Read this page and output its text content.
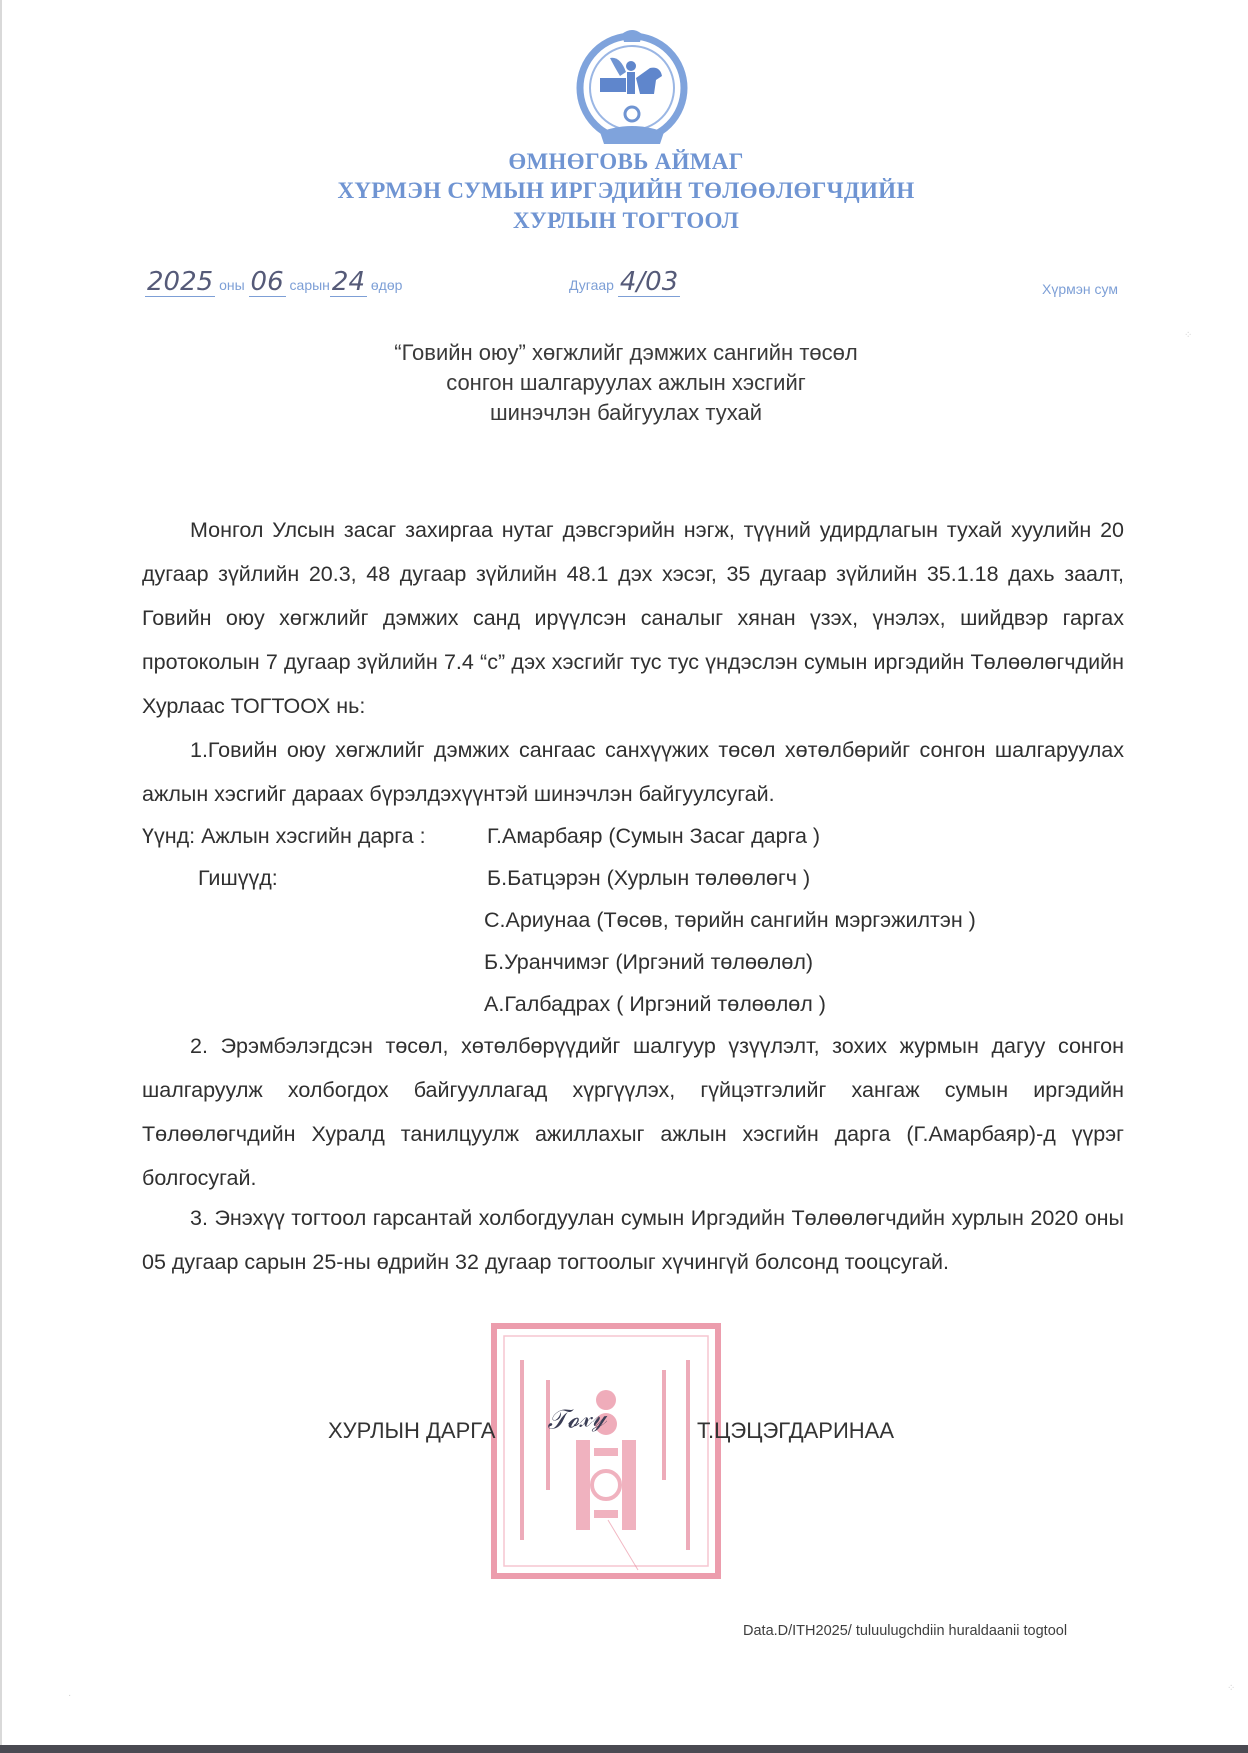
ӨМНӨГОВЬ АЙМАГ
ХҮРМЭН СУМЫН ИРГЭДИЙН ТӨЛӨӨЛӨГЧДИЙН
ХУРЛЫН ТОГТООЛ
2025 оны 06 сарын24 өдөр	Дугаар 4/03	Хүрмэн сум
“Говийн оюу” хөгжлийг дэмжих сангийн төсөл
сонгон шалгаруулах ажлын хэсгийг
шинэчлэн байгуулах тухай

Монгол Улсын засаг захиргаа нутаг дэвсгэрийн нэгж, түүний удирдлагын тухай хуулийн 20 дугаар зүйлийн 20.3, 48 дугаар зүйлийн 48.1 дэх хэсэг, 35 дугаар зүйлийн 35.1.18 дахь заалт, Говийн оюу хөгжлийг дэмжих санд ирүүлсэн саналыг хянан үзэх, үнэлэх, шийдвэр гаргах протоколын 7 дугаар зүйлийн 7.4 “с” дэх хэсгийг тус тус үндэслэн сумын иргэдийн Төлөөлөгчдийн Хурлаас ТОГТООХ нь:

1.Говийн оюу хөгжлийг дэмжих сангаас санхүүжих төсөл хөтөлбөрийг сонгон шалгаруулах ажлын хэсгийг дараах бүрэлдэхүүнтэй шинэчлэн байгуулсугай.

Үүнд: Ажлын хэсгийн дарга :	Г.Амарбаяр (Сумын Засаг дарга )
Гишүүд:	Б.Батцэрэн (Хурлын төлөөлөгч )
С.Ариунаа (Төсөв, төрийн сангийн мэргэжилтэн )
Б.Уранчимэг (Иргэний төлөөлөл)
А.Галбадрах ( Иргэний төлөөлөл )

2. Эрэмбэлэгдсэн төсөл, хөтөлбөрүүдийг шалгуур үзүүлэлт, зохих журмын дагуу сонгон шалгаруулж холбогдох байгууллагад хүргүүлэх, гүйцэтгэлийг хангаж сумын иргэдийн Төлөөлөгчдийн Хуралд танилцуулж ажиллахыг ажлын хэсгийн дарга (Г.Амарбаяр)-д үүрэг болгосугай.

3. Энэхүү тогтоол гарсантай холбогдуулан сумын Иргэдийн Төлөөлөгчдийн хурлын 2020 оны 05 дугаар сарын 25-ны өдрийн 32 дугаар тогтоолыг хүчингүй болсонд тооцсугай.

ХУРЛЫН ДАРГА 𝒯𝓸𝓍𝓎	Т.ЦЭЦЭГДАРИНАА
Data.D/ITH2025/ tuluulugchdiin huraldaanii togtool
⁘
⁘
·
